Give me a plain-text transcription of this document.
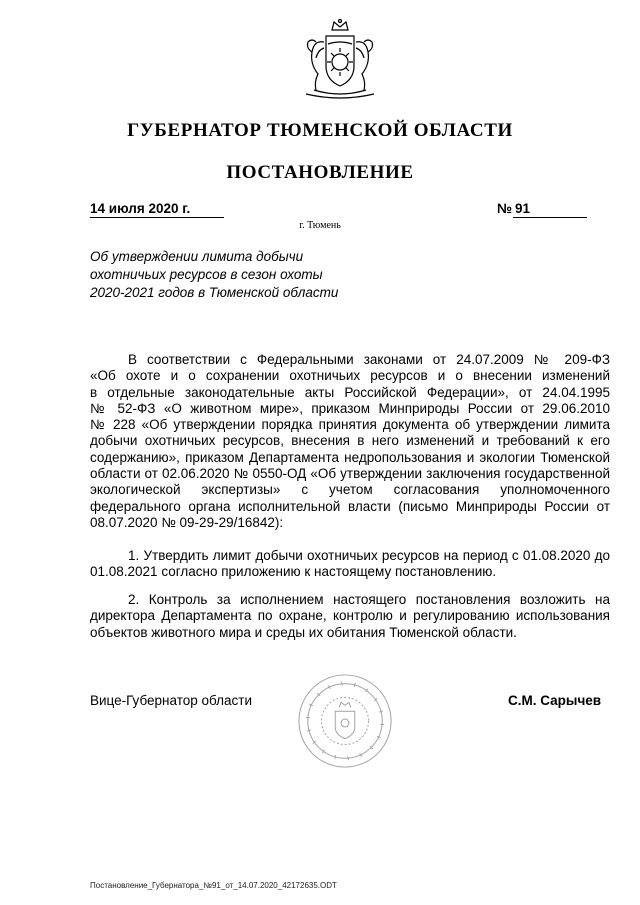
ГУБЕРНАТОР ТЮМЕНСКОЙ ОБЛАСТИ
ПОСТАНОВЛЕНИЕ
14 июля 2020 г.	№ 91
г. Тюмень
Об утверждении лимита добычи
охотничьих ресурсов в сезон охоты
2020-2021 годов в Тюменской области
В соответствии с Федеральными законами от 24.07.2009 № 209-ФЗ
«Об охоте и о сохранении охотничьих ресурсов и о внесении изменений
в отдельные законодательные акты Российской Федерации», от 24.04.1995
№ 52-ФЗ «О животном мире», приказом Минприроды России от 29.06.2010
№ 228 «Об утверждении порядка принятия документа об утверждении лимита
добычи охотничьих ресурсов, внесения в него изменений и требований к его
содержанию», приказом Департамента недропользования и экологии Тюменской
области от 02.06.2020 № 0550-ОД «Об утверждении заключения государственной
экологической экспертизы» с учетом согласования уполномоченного
федерального органа исполнительной власти (письмо Минприроды России от
08.07.2020 № 09-29-29/16842):
1. Утвердить лимит добычи охотничьих ресурсов на период с 01.08.2020 до
01.08.2021 согласно приложению к настоящему постановлению.
2. Контроль за исполнением настоящего постановления возложить на
директора Департамента по охране, контролю и регулированию использования
объектов животного мира и среды их обитания Тюменской области.
Вице-Губернатор области	С.М. Сарычев
Постановление_Губернатора_№91_от_14.07.2020_42172635.ODT
